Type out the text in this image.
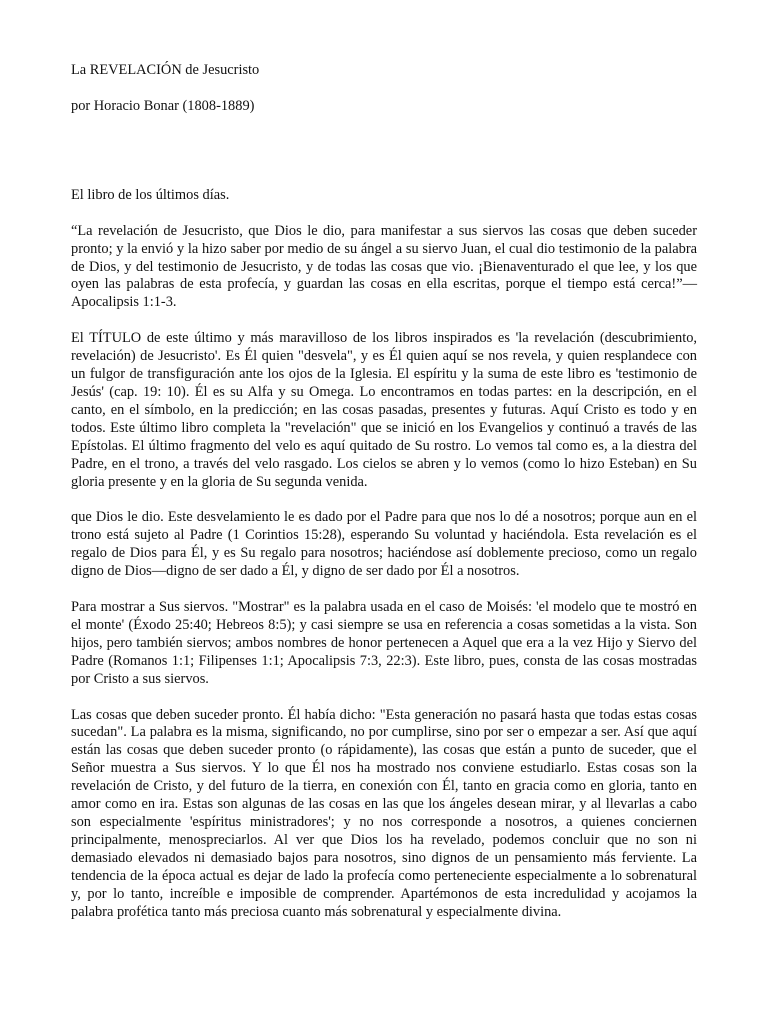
La REVELACIÓN de Jesucristo

por Horacio Bonar (1808-1889)

El libro de los últimos días.

“La revelación de Jesucristo, que Dios le dio, para manifestar a sus siervos las cosas que deben suceder pronto; y la envió y la hizo saber por medio de su ángel a su siervo Juan, el cual dio testimonio de la palabra de Dios, y del testimonio de Jesucristo, y de todas las cosas que vio. ¡Bienaventurado el que lee, y los que oyen las palabras de esta profecía, y guardan las cosas en ella escritas, porque el tiempo está cerca!”—Apocalipsis 1:1-3.

El TÍTULO de este último y más maravilloso de los libros inspirados es 'la revelación (descubrimiento, revelación) de Jesucristo'. Es Él quien "desvela", y es Él quien aquí se nos revela, y quien resplandece con un fulgor de transfiguración ante los ojos de la Iglesia. El espíritu y la suma de este libro es 'testimonio de Jesús' (cap. 19: 10). Él es su Alfa y su Omega. Lo encontramos en todas partes: en la descripción, en el canto, en el símbolo, en la predicción; en las cosas pasadas, presentes y futuras. Aquí Cristo es todo y en todos. Este último libro completa la "revelación" que se inició en los Evangelios y continuó a través de las Epístolas. El último fragmento del velo es aquí quitado de Su rostro. Lo vemos tal como es, a la diestra del Padre, en el trono, a través del velo rasgado. Los cielos se abren y lo vemos (como lo hizo Esteban) en Su gloria presente y en la gloria de Su segunda venida.

que Dios le dio. Este desvelamiento le es dado por el Padre para que nos lo dé a nosotros; porque aun en el trono está sujeto al Padre (1 Corintios 15:28), esperando Su voluntad y haciéndola. Esta revelación es el regalo de Dios para Él, y es Su regalo para nosotros; haciéndose así doblemente precioso, como un regalo digno de Dios—digno de ser dado a Él, y digno de ser dado por Él a nosotros.

Para mostrar a Sus siervos. "Mostrar" es la palabra usada en el caso de Moisés: 'el modelo que te mostró en el monte' (Éxodo 25:40; Hebreos 8:5); y casi siempre se usa en referencia a cosas sometidas a la vista. Son hijos, pero también siervos; ambos nombres de honor pertenecen a Aquel que era a la vez Hijo y Siervo del Padre (Romanos 1:1; Filipenses 1:1; Apocalipsis 7:3, 22:3). Este libro, pues, consta de las cosas mostradas por Cristo a sus siervos.

Las cosas que deben suceder pronto. Él había dicho: "Esta generación no pasará hasta que todas estas cosas sucedan". La palabra es la misma, significando, no por cumplirse, sino por ser o empezar a ser. Así que aquí están las cosas que deben suceder pronto (o rápidamente), las cosas que están a punto de suceder, que el Señor muestra a Sus siervos. Y lo que Él nos ha mostrado nos conviene estudiarlo. Estas cosas son la revelación de Cristo, y del futuro de la tierra, en conexión con Él, tanto en gracia como en gloria, tanto en amor como en ira. Estas son algunas de las cosas en las que los ángeles desean mirar, y al llevarlas a cabo son especialmente 'espíritus ministradores'; y no nos corresponde a nosotros, a quienes conciernen principalmente, menospreciarlos. Al ver que Dios los ha revelado, podemos concluir que no son ni demasiado elevados ni demasiado bajos para nosotros, sino dignos de un pensamiento más ferviente. La tendencia de la época actual es dejar de lado la profecía como perteneciente especialmente a lo sobrenatural y, por lo tanto, increíble e imposible de comprender. Apartémonos de esta incredulidad y acojamos la palabra profética tanto más preciosa cuanto más sobrenatural y especialmente divina.
